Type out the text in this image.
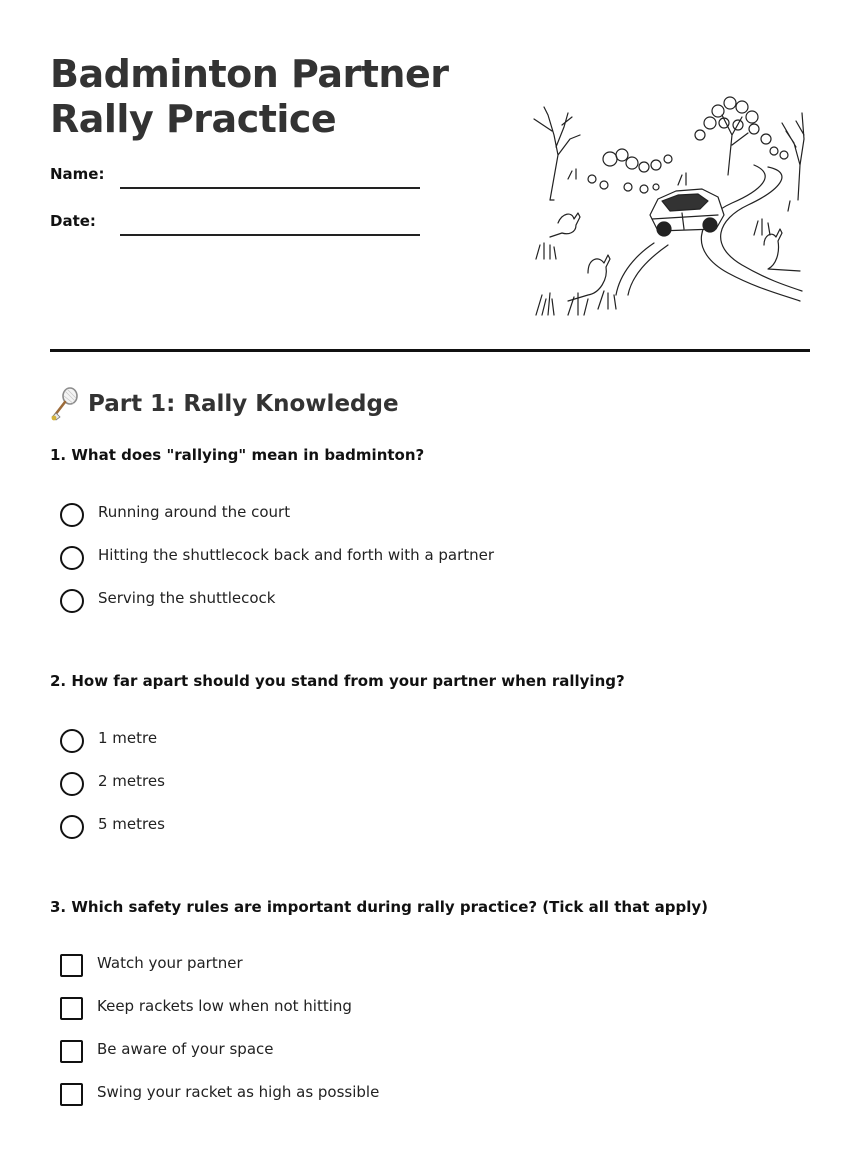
Badminton Partner
Rally Practice
Name:
Date:
Part 1: Rally Knowledge

1. What does "rallying" mean in badminton?

Running around the court
Hitting the shuttlecock back and forth with a partner
Serving the shuttlecock

2. How far apart should you stand from your partner when rallying?

1 metre
2 metres
5 metres

3. Which safety rules are important during rally practice? (Tick all that apply)

Watch your partner
Keep rackets low when not hitting
Be aware of your space
Swing your racket as high as possible
